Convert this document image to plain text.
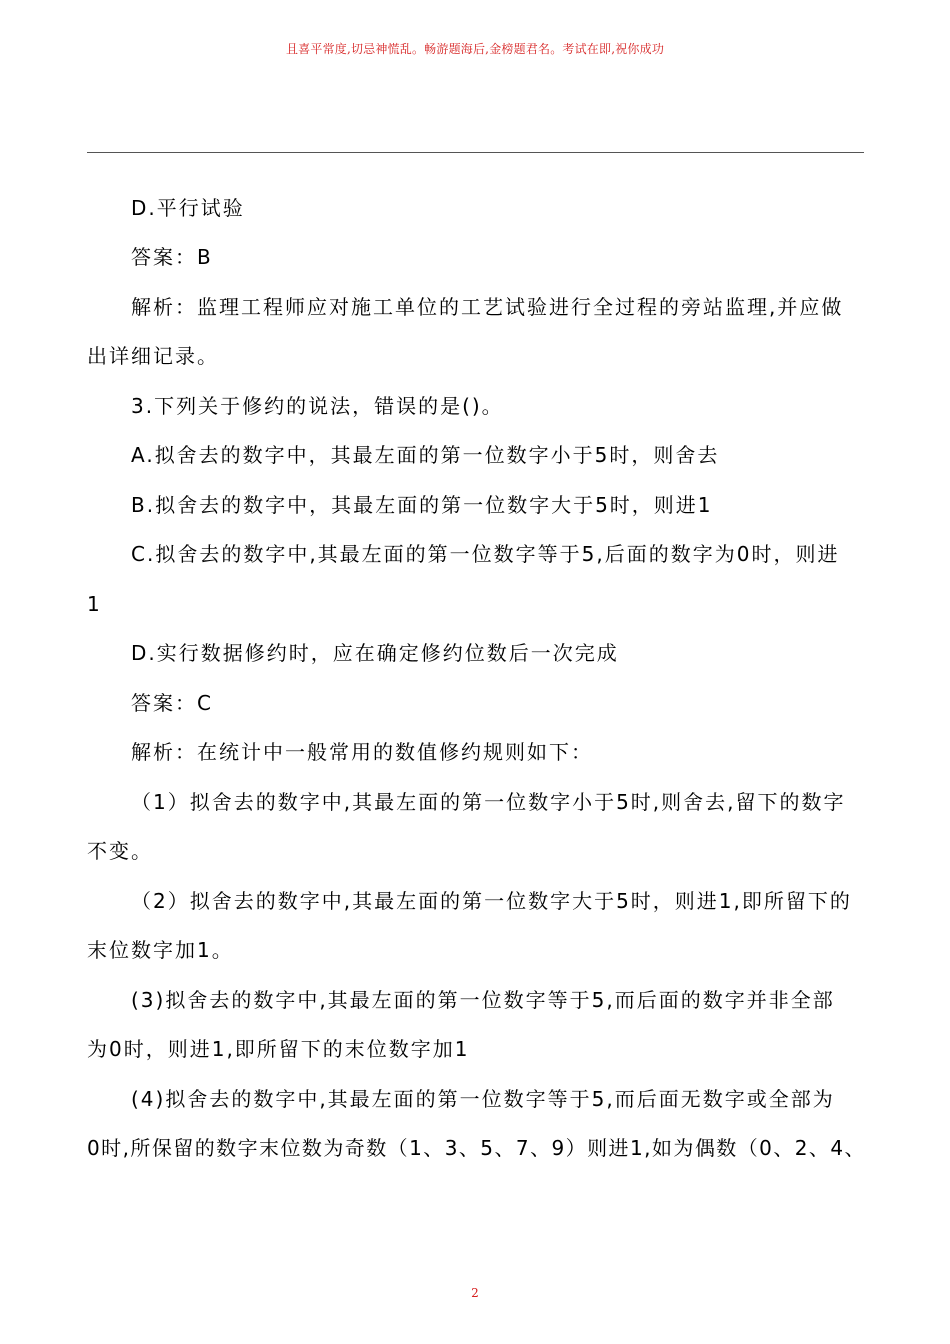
且喜平常度,切忌神慌乱。畅游题海后,金榜题君名。考试在即,祝你成功
D.平行试验
答案：B
解析：监理工程师应对施工单位的工艺试验进行全过程的旁站监理,并应做
出详细记录。
3.下列关于修约的说法，错误的是()。
A.拟舍去的数字中，其最左面的第一位数字小于5时，则舍去
B.拟舍去的数字中，其最左面的第一位数字大于5时，则进1
C.拟舍去的数字中,其最左面的第一位数字等于5,后面的数字为0时，则进
1
D.实行数据修约时，应在确定修约位数后一次完成
答案：C
解析：在统计中一般常用的数值修约规则如下：
（1）拟舍去的数字中,其最左面的第一位数字小于5时,则舍去,留下的数字
不变。
（2）拟舍去的数字中,其最左面的第一位数字大于5时，则进1,即所留下的
末位数字加1。
(3)拟舍去的数字中,其最左面的第一位数字等于5,而后面的数字并非全部
为0时，则进1,即所留下的末位数字加1
(4)拟舍去的数字中,其最左面的第一位数字等于5,而后面无数字或全部为
0时,所保留的数字末位数为奇数（1、3、5、7、9）则进1,如为偶数（0、2、4、
2
